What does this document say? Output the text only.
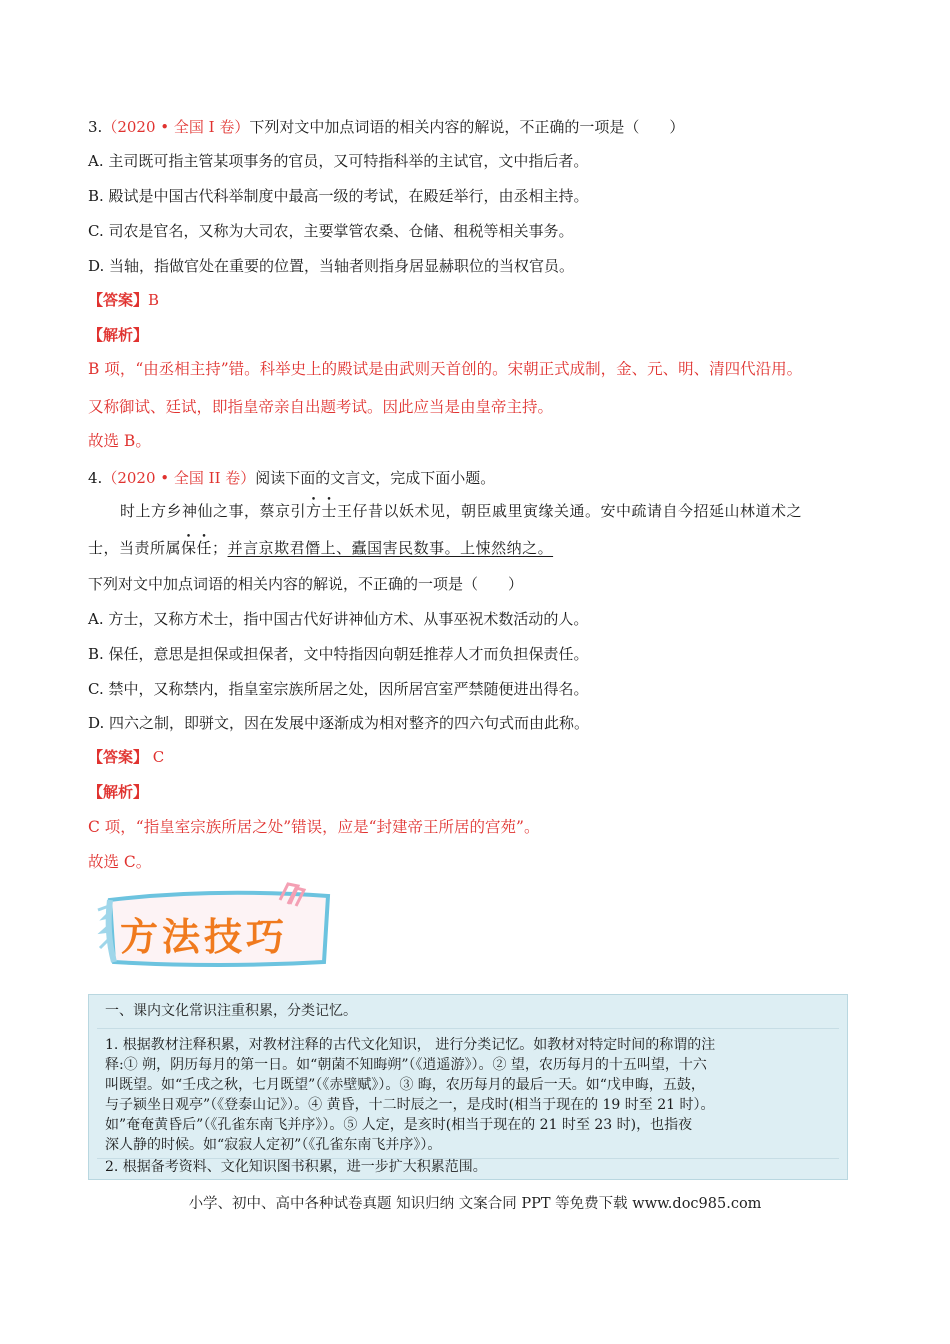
3.（2020 • 全国 I 卷）下列对文中加点词语的相关内容的解说，不正确的一项是（　　）
A. 主司既可指主管某项事务的官员，又可特指科举的主试官，文中指后者。
B. 殿试是中国古代科举制度中最高一级的考试，在殿廷举行，由丞相主持。
C. 司农是官名，又称为大司农，主要掌管农桑、仓储、租税等相关事务。
D. 当轴，指做官处在重要的位置，当轴者则指身居显赫职位的当权官员。
【答案】B
【解析】
B 项，“由丞相主持”错。科举史上的殿试是由武则天首创的。宋朝正式成制，金、元、明、清四代沿用。
又称御试、廷试，即指皇帝亲自出题考试。因此应当是由皇帝主持。
故选 B。
4.（2020 • 全国 II 卷）阅读下面的文言文，完成下面小题。
时上方乡神仙之事，蔡京引方士王仔昔以妖术见，朝臣戚里寅缘关通。安中疏请自今招延山林道术之
士，当责所属保任；并言京欺君僭上、蠹国害民数事。上悚然纳之。
下列对文中加点词语的相关内容的解说，不正确的一项是（　　）
A. 方士，又称方术士，指中国古代好讲神仙方术、从事巫祝术数活动的人。
B. 保任，意思是担保或担保者，文中特指因向朝廷推荐人才而负担保责任。
C. 禁中，又称禁内，指皇室宗族所居之处，因所居宫室严禁随便进出得名。
D. 四六之制，即骈文，因在发展中逐渐成为相对整齐的四六句式而由此称。
【答案】 C
【解析】
C 项，“指皇室宗族所居之处”错误，应是“封建帝王所居的宫苑”。
故选 C。
方法技巧
一、课内文化常识注重积累，分类记忆。
1. 根据教材注释积累，对教材注释的古代文化知识， 进行分类记忆。如教材对特定时间的称谓的注
释:① 朔，阴历每月的第一日。如“朝菌不知晦朔”（《逍遥游》）。② 望，农历每月的十五叫望，十六
叫既望。如“壬戌之秋，七月既望”（《赤壁赋》）。③ 晦，农历每月的最后一天。如“戊申晦，五鼓，
与子颍坐日观亭”（《登泰山记》）。④ 黄昏，十二时辰之一，是戌时(相当于现在的 19 时至 21 时）。
如”奄奄黄昏后”（《孔雀东南飞并序》）。⑤ 人定，是亥时(相当于现在的 21 时至 23 时)，也指夜
深人静的时候。如“寂寂人定初”（《孔雀东南飞并序》）。
2. 根据备考资料、文化知识图书积累，进一步扩大积累范围。
小学、初中、高中各种试卷真题 知识归纳 文案合同 PPT 等免费下载 www.doc985.com
